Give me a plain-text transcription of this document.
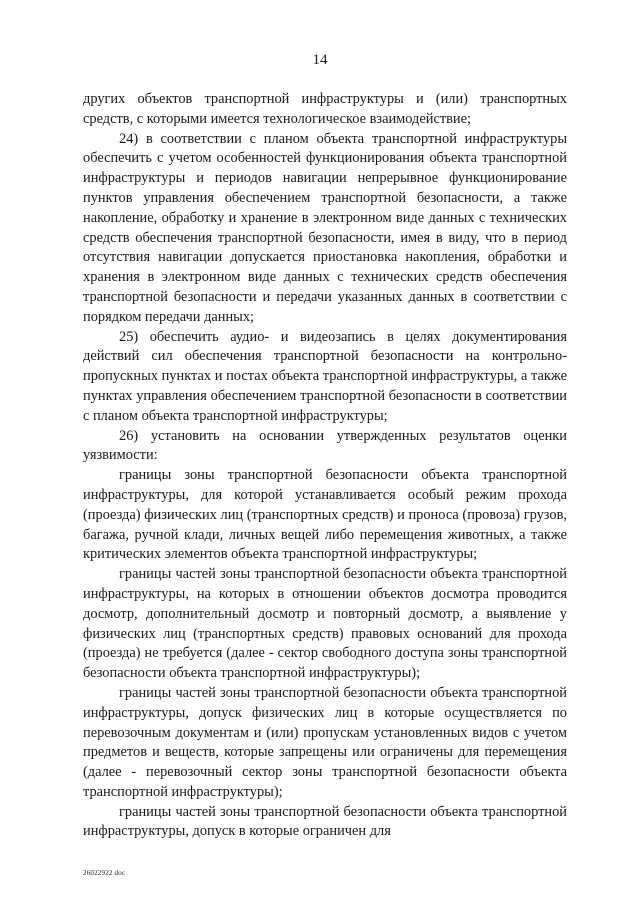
14

других объектов транспортной инфраструктуры и (или) транспортных средств, с которыми имеется технологическое взаимодействие;

24) в соответствии с планом объекта транспортной инфраструктуры обеспечить с учетом особенностей функционирования объекта транспортной инфраструктуры и периодов навигации непрерывное функционирование пунктов управления обеспечением транспортной безопасности, а также накопление, обработку и хранение в электронном виде данных с технических средств обеспечения транспортной безопасности, имея в виду, что в период отсутствия навигации допускается приостановка накопления, обработки и хранения в электронном виде данных с технических средств обеспечения транспортной безопасности и передачи указанных данных в соответствии с порядком передачи данных;

25) обеспечить аудио- и видеозапись в целях документирования действий сил обеспечения транспортной безопасности на контрольно-пропускных пунктах и постах объекта транспортной инфраструктуры, а также пунктах управления обеспечением транспортной безопасности в соответствии с планом объекта транспортной инфраструктуры;

26) установить на основании утвержденных результатов оценки уязвимости:

границы зоны транспортной безопасности объекта транспортной инфраструктуры, для которой устанавливается особый режим прохода (проезда) физических лиц (транспортных средств) и проноса (провоза) грузов, багажа, ручной клади, личных вещей либо перемещения животных, а также критических элементов объекта транспортной инфраструктуры;

границы частей зоны транспортной безопасности объекта транспортной инфраструктуры, на которых в отношении объектов досмотра проводится досмотр, дополнительный досмотр и повторный досмотр, а выявление у физических лиц (транспортных средств) правовых оснований для прохода (проезда) не требуется (далее - сектор свободного доступа зоны транспортной безопасности объекта транспортной инфраструктуры);

границы частей зоны транспортной безопасности объекта транспортной инфраструктуры, допуск физических лиц в которые осуществляется по перевозочным документам и (или) пропускам установленных видов с учетом предметов и веществ, которые запрещены или ограничены для перемещения (далее - перевозочный сектор зоны транспортной безопасности объекта транспортной инфраструктуры);

границы частей зоны транспортной безопасности объекта транспортной инфраструктуры, допуск в которые ограничен для

26022922 doc
